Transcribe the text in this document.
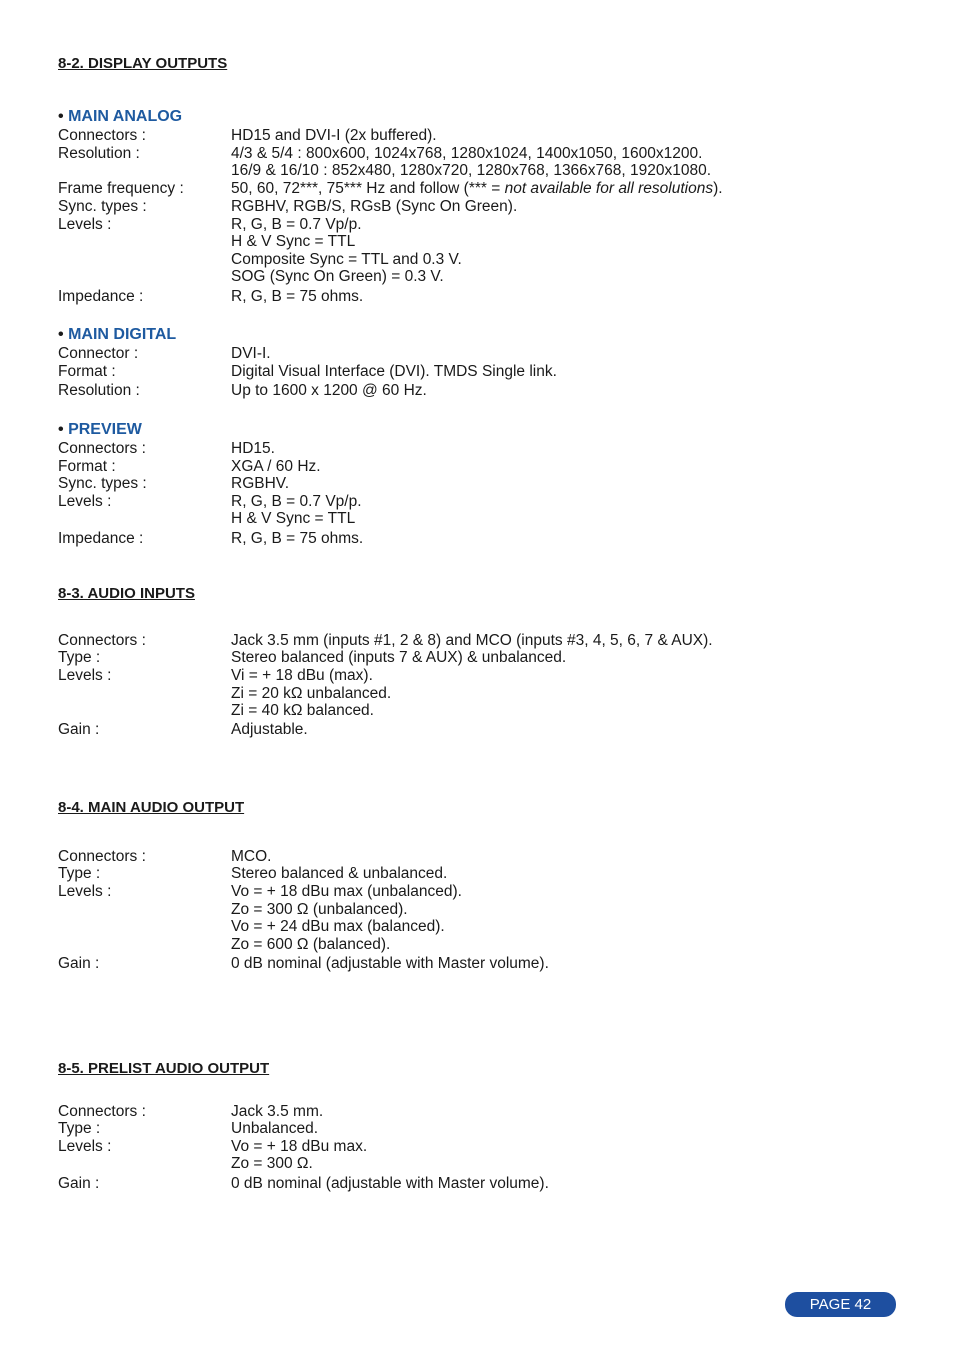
8-2. DISPLAY OUTPUTS
• MAIN ANALOG
Connectors :	HD15 and DVI-I (2x buffered).
Resolution :	4/3 & 5/4 : 800x600, 1024x768, 1280x1024, 1400x1050, 1600x1200.
16/9 & 16/10 : 852x480, 1280x720, 1280x768, 1366x768, 1920x1080.
Frame frequency :	50, 60, 72***, 75*** Hz and follow (*** = not available for all resolutions).
Sync. types :	RGBHV, RGB/S, RGsB (Sync On Green).
Levels :	R, G, B = 0.7 Vp/p.
H & V Sync = TTL
Composite Sync = TTL and 0.3 V.
SOG (Sync On Green) = 0.3 V.
Impedance :	R, G, B = 75 ohms.
• MAIN DIGITAL
Connector :	DVI-I.
Format :	Digital Visual Interface (DVI). TMDS Single link.
Resolution :	Up to 1600 x 1200 @ 60 Hz.
• PREVIEW
Connectors :	HD15.
Format :	XGA / 60 Hz.
Sync. types :	RGBHV.
Levels :	R, G, B = 0.7 Vp/p.
H & V Sync = TTL
Impedance :	R, G, B = 75 ohms.
8-3. AUDIO INPUTS
Connectors :	Jack 3.5 mm (inputs #1, 2 & 8) and MCO (inputs #3, 4, 5, 6, 7 & AUX).
Type :	Stereo balanced (inputs 7 & AUX) & unbalanced.
Levels :	Vi = + 18 dBu (max).
Zi = 20 kΩ unbalanced.
Zi = 40 kΩ balanced.
Gain :	Adjustable.
8-4. MAIN AUDIO OUTPUT
Connectors :	MCO.
Type :	Stereo balanced & unbalanced.
Levels :	Vo = + 18 dBu max (unbalanced).
Zo = 300 Ω (unbalanced).
Vo = + 24 dBu max (balanced).
Zo = 600 Ω (balanced).
Gain :	0 dB nominal (adjustable with Master volume).
8-5. PRELIST AUDIO OUTPUT
Connectors :	Jack 3.5 mm.
Type :	Unbalanced.
Levels :	Vo = + 18 dBu max.
Zo = 300 Ω.
Gain :	0 dB nominal (adjustable with Master volume).
PAGE 42
